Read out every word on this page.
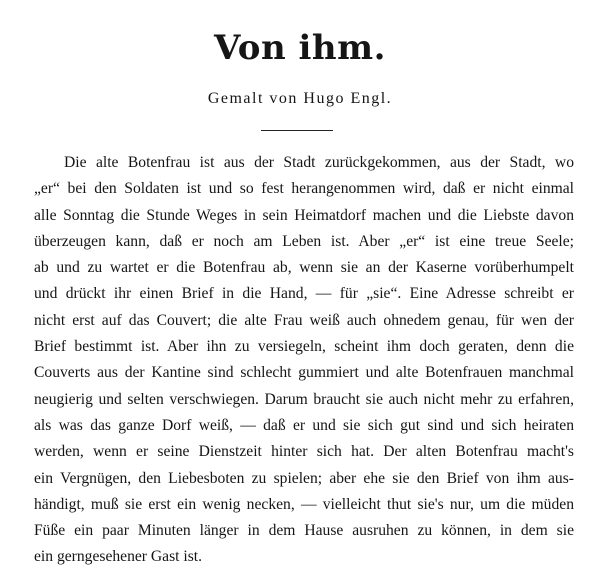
Von ihm.

Gemalt von Hugo Engl.

Die alte Botenfrau ist aus der Stadt zurückgekommen, aus der Stadt, wo
„er“ bei den Soldaten ist und so fest herangenommen wird, daß er nicht einmal
alle Sonntag die Stunde Weges in sein Heimatdorf machen und die Liebste davon
überzeugen kann, daß er noch am Leben ist. Aber „er“ ist eine treue Seele;
ab und zu wartet er die Botenfrau ab, wenn sie an der Kaserne vorüberhumpelt
und drückt ihr einen Brief in die Hand, — für „sie“. Eine Adresse schreibt er
nicht erst auf das Couvert; die alte Frau weiß auch ohnedem genau, für wen der
Brief bestimmt ist. Aber ihn zu versiegeln, scheint ihm doch geraten, denn die
Couverts aus der Kantine sind schlecht gummiert und alte Botenfrauen manchmal
neugierig und selten verschwiegen. Darum braucht sie auch nicht mehr zu erfahren,
als was das ganze Dorf weiß, — daß er und sie sich gut sind und sich heiraten
werden, wenn er seine Dienstzeit hinter sich hat. Der alten Botenfrau macht's
ein Vergnügen, den Liebesboten zu spielen; aber ehe sie den Brief von ihm aus-
händigt, muß sie erst ein wenig necken, — vielleicht thut sie's nur, um die müden
Füße ein paar Minuten länger in dem Hause ausruhen zu können, in dem sie
ein gerngesehener Gast ist.
